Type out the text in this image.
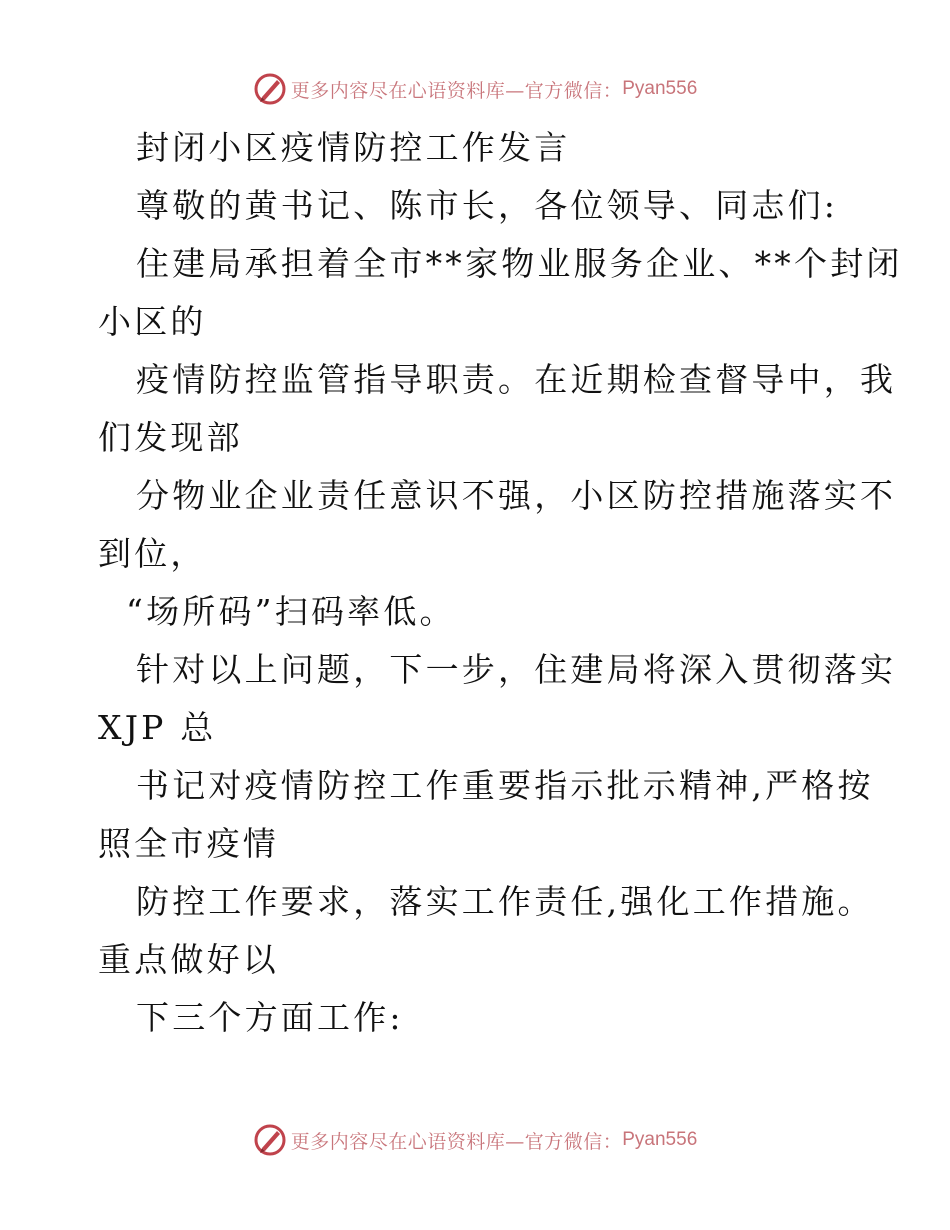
更多内容尽在心语资料库—官方微信： Pyan556
封闭小区疫情防控工作发言
尊敬的黄书记、陈市长，各位领导、同志们:
住建局承担着全市**家物业服务企业、**个封闭
小区的
疫情防控监管指导职责。在近期检查督导中，我
们发现部
分物业企业责任意识不强，小区防控措施落实不
到位，
“场所码”扫码率低。
针对以上问题，下一步，住建局将深入贯彻落实
XJP 总
书记对疫情防控工作重要指示批示精神,严格按
照全市疫情
防控工作要求，落实工作责任,强化工作措施。
重点做好以
下三个方面工作:
更多内容尽在心语资料库—官方微信： Pyan556
